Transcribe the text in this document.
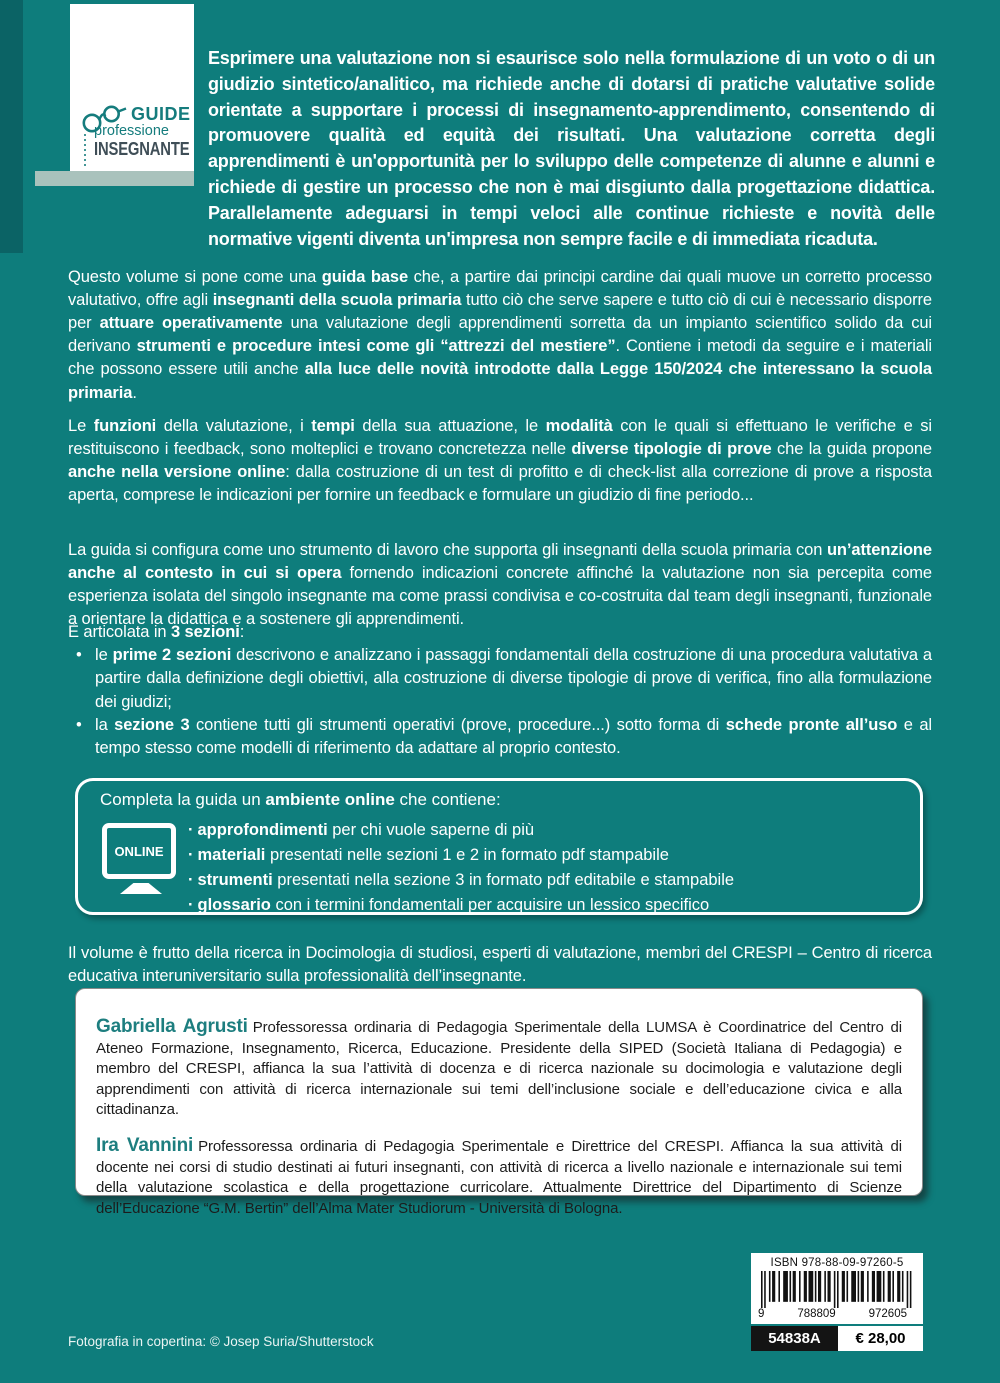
GUIDE
professione
INSEGNANTE

Esprimere una valutazione non si esaurisce solo nella formulazione di un voto o di un giudizio sintetico/analitico, ma richiede anche di dotarsi di pratiche valutative solide orientate a supportare i processi di insegnamento-apprendimento, consentendo di promuovere qualità ed equità dei risultati. Una valutazione corretta degli apprendimenti è un'opportunità per lo sviluppo delle competenze di alunne e alunni e richiede di gestire un processo che non è mai disgiunto dalla progettazione didattica. Parallelamente adeguarsi in tempi veloci alle continue richieste e novità delle normative vigenti diventa un'impresa non sempre facile e di immediata ricaduta.

Questo volume si pone come una guida base che, a partire dai principi cardine dai quali muove un corretto processo valutativo, offre agli insegnanti della scuola primaria tutto ciò che serve sapere e tutto ciò di cui è necessario disporre per attuare operativamente una valutazione degli apprendimenti sorretta da un impianto scientifico solido da cui derivano strumenti e procedure intesi come gli “attrezzi del mestiere”. Contiene i metodi da seguire e i materiali che possono essere utili anche alla luce delle novità introdotte dalla Legge 150/2024 che interessano la scuola primaria.

Le funzioni della valutazione, i tempi della sua attuazione, le modalità con le quali si effettuano le verifiche e si restituiscono i feedback, sono molteplici e trovano concretezza nelle diverse tipologie di prove che la guida propone anche nella versione online: dalla costruzione di un test di profitto e di check-list alla correzione di prove a risposta aperta, comprese le indicazioni per fornire un feedback e formulare un giudizio di fine periodo...

La guida si configura come uno strumento di lavoro che supporta gli insegnanti della scuola primaria con un’attenzione anche al contesto in cui si opera fornendo indicazioni concrete affinché la valutazione non sia percepita come esperienza isolata del singolo insegnante ma come prassi condivisa e co-costruita dal team degli insegnanti, funzionale a orientare la didattica e a sostenere gli apprendimenti.

È articolata in 3 sezioni:
• le prime 2 sezioni descrivono e analizzano i passaggi fondamentali della costruzione di una procedura valutativa a partire dalla definizione degli obiettivi, alla costruzione di diverse tipologie di prove di verifica, fino alla formulazione dei giudizi;
• la sezione 3 contiene tutti gli strumenti operativi (prove, procedure...) sotto forma di schede pronte all’uso e al tempo stesso come modelli di riferimento da adattare al proprio contesto.
Completa la guida un ambiente online che contiene:
ONLINE
· approfondimenti per chi vuole saperne di più
· materiali presentati nelle sezioni 1 e 2 in formato pdf stampabile
· strumenti presentati nella sezione 3 in formato pdf editabile e stampabile
· glossario con i termini fondamentali per acquisire un lessico specifico

Il volume è frutto della ricerca in Docimologia di studiosi, esperti di valutazione, membri del CRESPI – Centro di ricerca educativa interuniversitario sulla professionalità dell’insegnante.

Gabriella Agrusti Professoressa ordinaria di Pedagogia Sperimentale della LUMSA è Coordinatrice del Centro di Ateneo Formazione, Insegnamento, Ricerca, Educazione. Presidente della SIPED (Società Italiana di Pedagogia) e membro del CRESPI, affianca la sua l’attività di docenza e di ricerca nazionale su docimologia e valutazione degli apprendimenti con attività di ricerca internazionale sui temi dell’inclusione sociale e dell’educazione civica e alla cittadinanza.

Ira Vannini Professoressa ordinaria di Pedagogia Sperimentale e Direttrice del CRESPI. Affianca la sua attività di docente nei corsi di studio destinati ai futuri insegnanti, con attività di ricerca a livello nazionale e internazionale sui temi della valutazione scolastica e della progettazione curricolare. Attualmente Direttrice del Dipartimento di Scienze dell’Educazione “G.M. Bertin” dell’Alma Mater Studiorum - Università di Bologna.

Fotografia in copertina: © Josep Suria/Shutterstock
ISBN 978-88-09-97260-5
9	788809	972605
54838A	€ 28,00
